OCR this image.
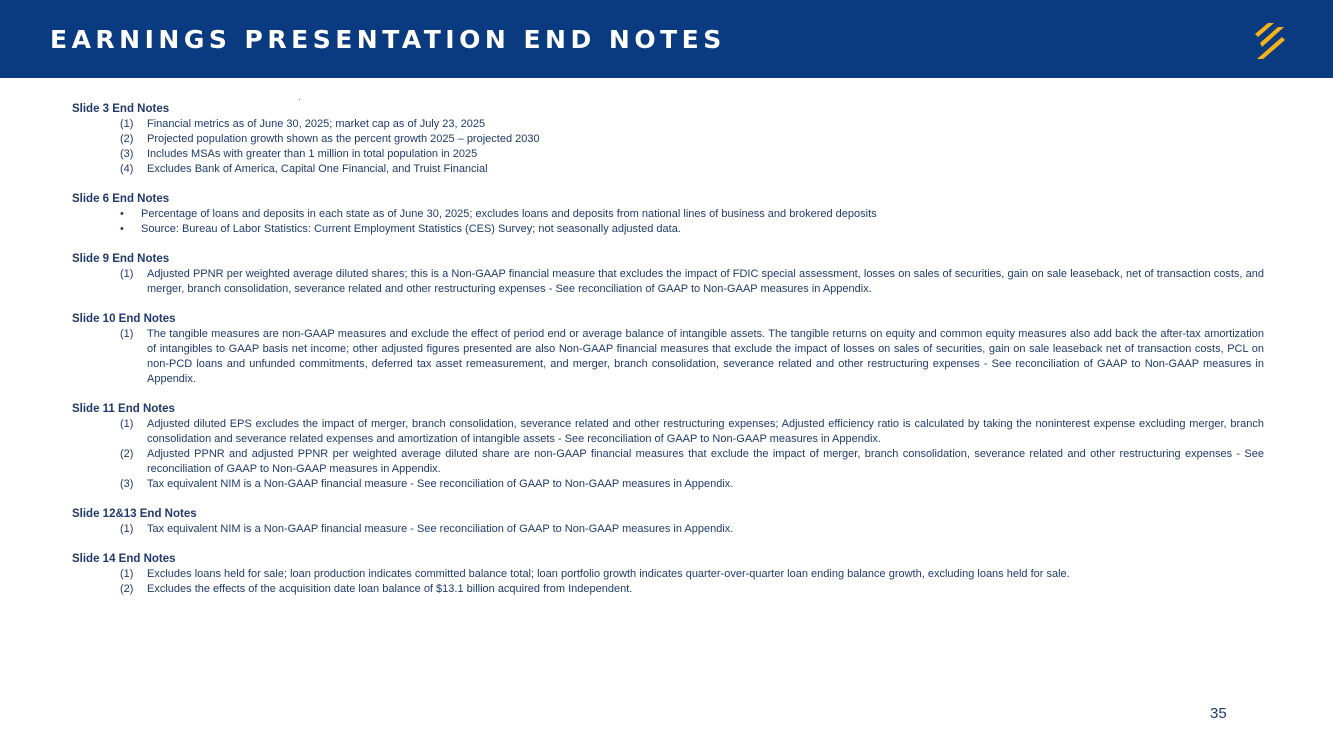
EARNINGS PRESENTATION END NOTES
Slide 3 End Notes
(1)	Financial metrics as of June 30, 2025; market cap as of July 23, 2025
(2)	Projected population growth shown as the percent growth 2025 – projected 2030
(3)	Includes MSAs with greater than 1 million in total population in 2025
(4)	Excludes Bank of America, Capital One Financial, and Truist Financial
Slide 6 End Notes
•	Percentage of loans and deposits in each state as of June 30, 2025; excludes loans and deposits from national lines of business and brokered deposits
•	Source: Bureau of Labor Statistics: Current Employment Statistics (CES) Survey; not seasonally adjusted data.
Slide 9 End Notes
(1)	Adjusted PPNR per weighted average diluted shares; this is a Non-GAAP financial measure that excludes the impact of FDIC special assessment, losses on sales of securities, gain on sale leaseback, net of transaction costs, and merger, branch consolidation, severance related and other restructuring expenses - See reconciliation of GAAP to Non-GAAP measures in Appendix.
Slide 10 End Notes
(1)	The tangible measures are non-GAAP measures and exclude the effect of period end or average balance of intangible assets. The tangible returns on equity and common equity measures also add back the after-tax amortization of intangibles to GAAP basis net income; other adjusted figures presented are also Non-GAAP financial measures that exclude the impact of losses on sales of securities, gain on sale leaseback net of transaction costs, PCL on non-PCD loans and unfunded commitments, deferred tax asset remeasurement, and merger, branch consolidation, severance related and other restructuring expenses - See reconciliation of GAAP to Non-GAAP measures in Appendix.
Slide 11 End Notes
(1)	Adjusted diluted EPS excludes the impact of merger, branch consolidation, severance related and other restructuring expenses; Adjusted efficiency ratio is calculated by taking the noninterest expense excluding merger, branch consolidation and severance related expenses and amortization of intangible assets - See reconciliation of GAAP to Non-GAAP measures in Appendix.
(2)	Adjusted PPNR and adjusted PPNR per weighted average diluted share are non-GAAP financial measures that exclude the impact of merger, branch consolidation, severance related and other restructuring expenses - See reconciliation of GAAP to Non-GAAP measures in Appendix.
(3)	Tax equivalent NIM is a Non-GAAP financial measure - See reconciliation of GAAP to Non-GAAP measures in Appendix.
Slide 12&13 End Notes
(1)	Tax equivalent NIM is a Non-GAAP financial measure - See reconciliation of GAAP to Non-GAAP measures in Appendix.
Slide 14 End Notes
(1)	Excludes loans held for sale; loan production indicates committed balance total; loan portfolio growth indicates quarter-over-quarter loan ending balance growth, excluding loans held for sale.
(2)	Excludes the effects of the acquisition date loan balance of $13.1 billion acquired from Independent.
35
